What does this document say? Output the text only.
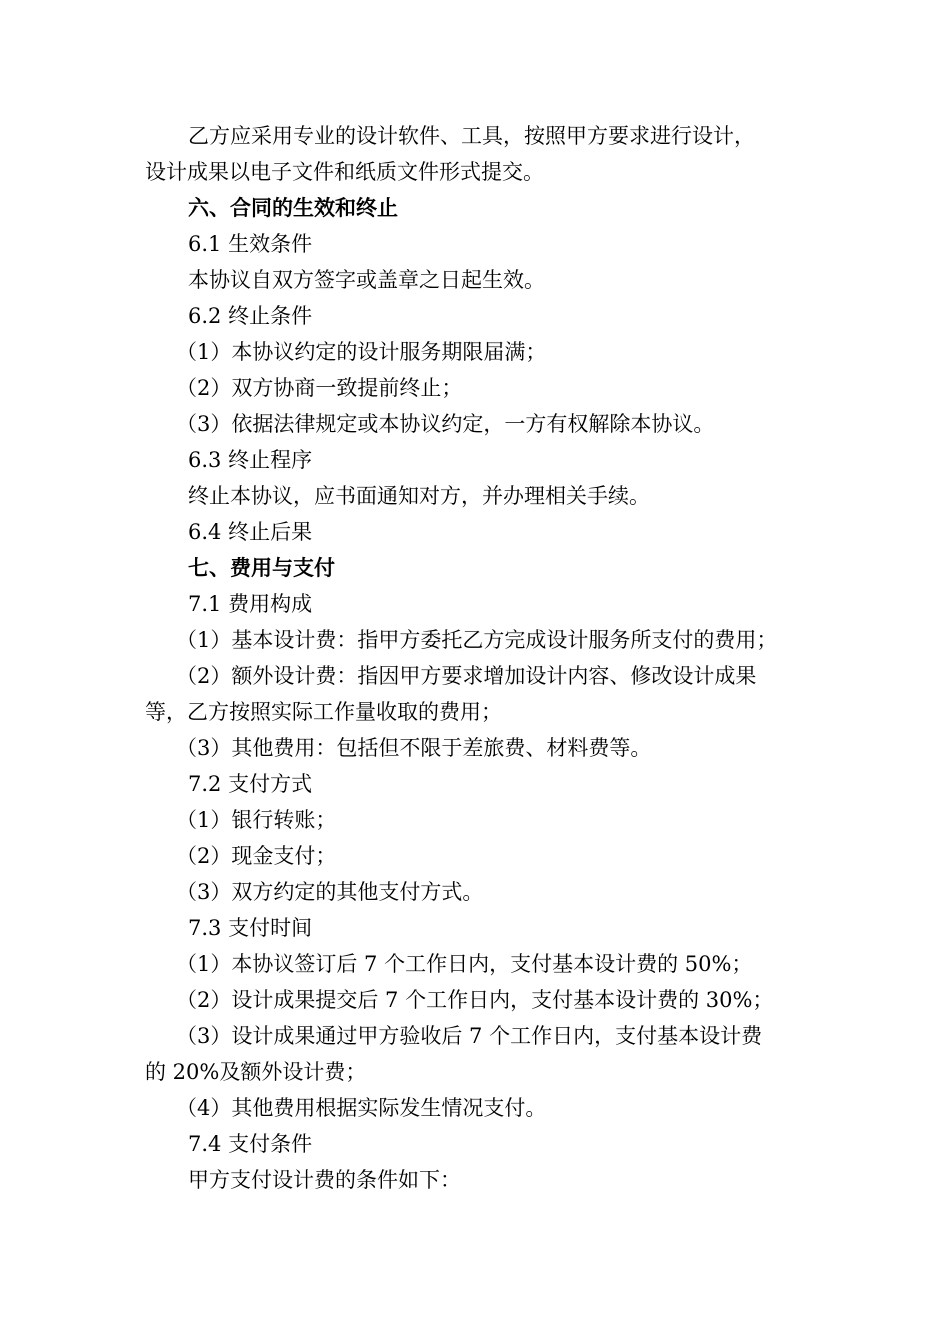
乙方应采用专业的设计软件、工具，按照甲方要求进行设计，
设计成果以电子文件和纸质文件形式提交。
六、合同的生效和终止
6.1 生效条件
本协议自双方签字或盖章之日起生效。
6.2 终止条件
（1）本协议约定的设计服务期限届满；
（2）双方协商一致提前终止；
（3）依据法律规定或本协议约定，一方有权解除本协议。
6.3 终止程序
终止本协议，应书面通知对方，并办理相关手续。
6.4 终止后果
七、费用与支付
7.1 费用构成
（1）基本设计费：指甲方委托乙方完成设计服务所支付的费用；
（2）额外设计费：指因甲方要求增加设计内容、修改设计成果
等，乙方按照实际工作量收取的费用；
（3）其他费用：包括但不限于差旅费、材料费等。
7.2 支付方式
（1）银行转账；
（2）现金支付；
（3）双方约定的其他支付方式。
7.3 支付时间
（1）本协议签订后 7 个工作日内，支付基本设计费的 50%；
（2）设计成果提交后 7 个工作日内，支付基本设计费的 30%；
（3）设计成果通过甲方验收后 7 个工作日内，支付基本设计费
的 20%及额外设计费；
（4）其他费用根据实际发生情况支付。
7.4 支付条件
甲方支付设计费的条件如下：
